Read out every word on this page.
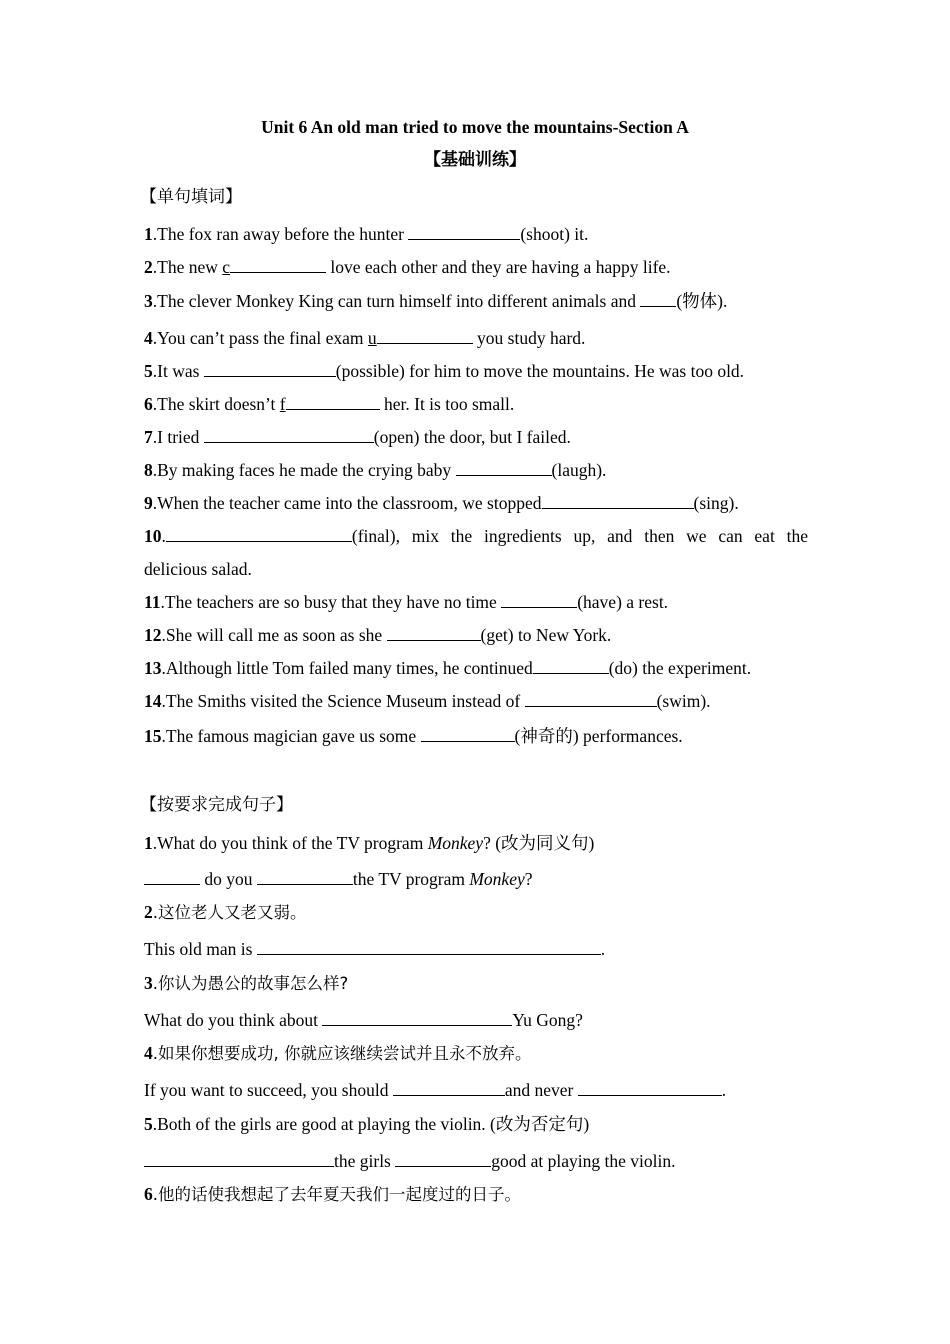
Unit 6 An old man tried to move the mountains-Section A
【基础训练】
【单句填词】
1.The fox ran away before the hunter	(shoot) it.
2.The new c	love each other and they are having a happy life.
3.The clever Monkey King can turn himself into different animals and (物体).
4.You can’t pass the final exam u	you study hard.
5.It was	(possible) for him to move the mountains. He was too old.
6.The skirt doesn’t f	her. It is too small.
7.I tried	(open) the door, but I failed.
8.By making faces he made the crying baby	(laugh).
9.When the teacher came into the classroom, we stopped	(sing).
10.	(final), mix the ingredients up, and then we can eat the
delicious salad.
11.The teachers are so busy that they have no time	(have) a rest.
12.She will call me as soon as she	(get) to New York.
13.Although little Tom failed many times, he continued	(do) the experiment.
14.The Smiths visited the Science Museum instead of	(swim).
15.The famous magician gave us some	(神奇的) performances.
【按要求完成句子】
1.What do you think of the TV program Monkey? (改为同义句)
do you	the TV program Monkey?
2.这位老人又老又弱。
This old man is	.
3.你认为愚公的故事怎么样?
What do you think about	Yu Gong?
4.如果你想要成功, 你就应该继续尝试并且永不放弃。
If you want to succeed, you should	and never	.
5.Both of the girls are good at playing the violin. (改为否定句)
the girls	good at playing the violin.
6.他的话使我想起了去年夏天我们一起度过的日子。
